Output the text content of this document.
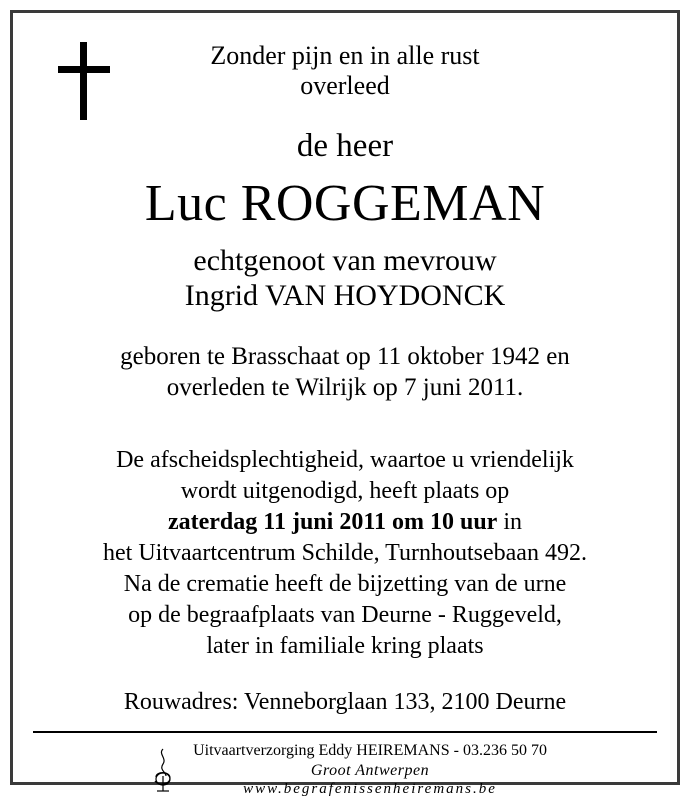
Zonder pijn en in alle rust
overleed
de heer
Luc ROGGEMAN
echtgenoot van mevrouw
Ingrid VAN HOYDONCK
geboren te Brasschaat op 11 oktober 1942 en
overleden te Wilrijk op 7 juni 2011.
De afscheidsplechtigheid, waartoe u vriendelijk
wordt uitgenodigd, heeft plaats op
zaterdag 11 juni 2011 om 10 uur in
het Uitvaartcentrum Schilde, Turnhoutsebaan 492.
Na de crematie heeft de bijzetting van de urne
op de begraafplaats van Deurne - Ruggeveld,
later in familiale kring plaats
Rouwadres: Venneborglaan 133, 2100 Deurne
Uitvaartverzorging Eddy HEIREMANS - 03.236 50 70
Groot Antwerpen
www.begrafenissenheiremans.be
